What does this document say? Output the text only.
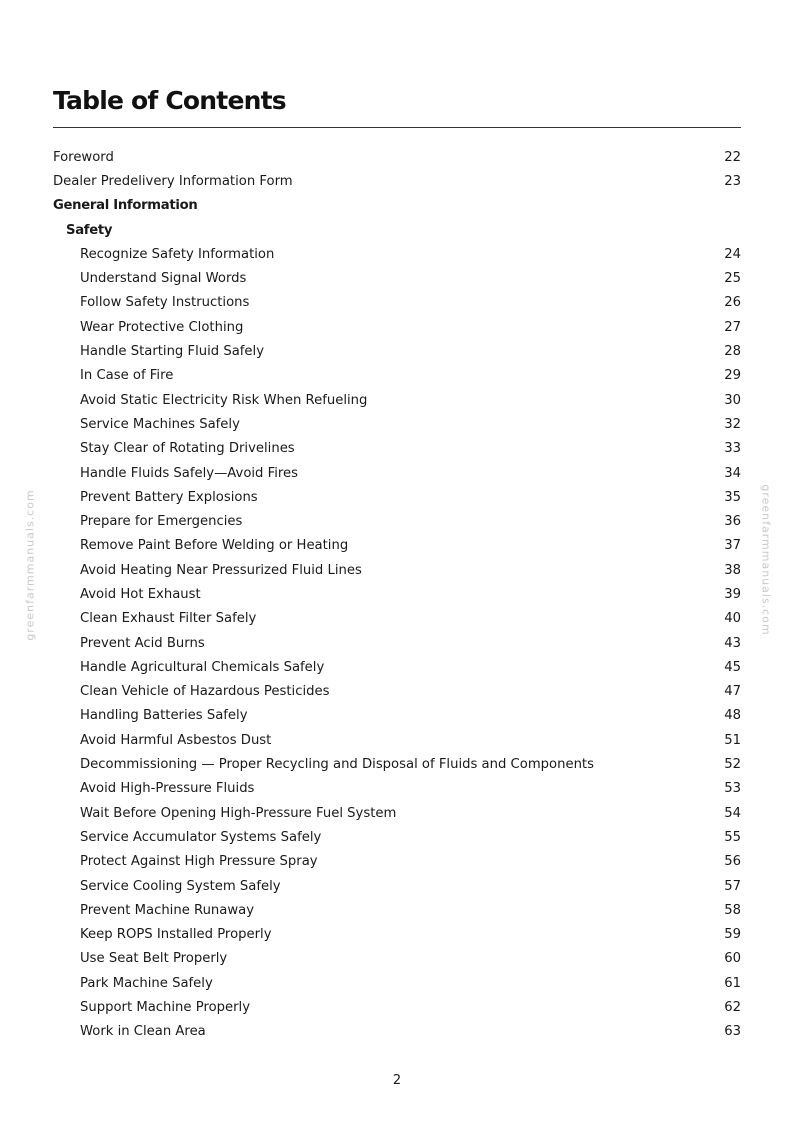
Table of Contents
Foreword	22
Dealer Predelivery Information Form	23
General Information
Safety
Recognize Safety Information	24
Understand Signal Words	25
Follow Safety Instructions	26
Wear Protective Clothing	27
Handle Starting Fluid Safely	28
In Case of Fire	29
Avoid Static Electricity Risk When Refueling	30
Service Machines Safely	32
Stay Clear of Rotating Drivelines	33
Handle Fluids Safely—Avoid Fires	34
Prevent Battery Explosions	35
Prepare for Emergencies	36
Remove Paint Before Welding or Heating	37
Avoid Heating Near Pressurized Fluid Lines	38
Avoid Hot Exhaust	39
Clean Exhaust Filter Safely	40
Prevent Acid Burns	43
Handle Agricultural Chemicals Safely	45
Clean Vehicle of Hazardous Pesticides	47
Handling Batteries Safely	48
Avoid Harmful Asbestos Dust	51
Decommissioning — Proper Recycling and Disposal of Fluids and Components	52
Avoid High-Pressure Fluids	53
Wait Before Opening High-Pressure Fuel System	54
Service Accumulator Systems Safely	55
Protect Against High Pressure Spray	56
Service Cooling System Safely	57
Prevent Machine Runaway	58
Keep ROPS Installed Properly	59
Use Seat Belt Properly	60
Park Machine Safely	61
Support Machine Properly	62
Work in Clean Area	63
greenfarmmanuals.com	greenfarmmanuals.com
2
